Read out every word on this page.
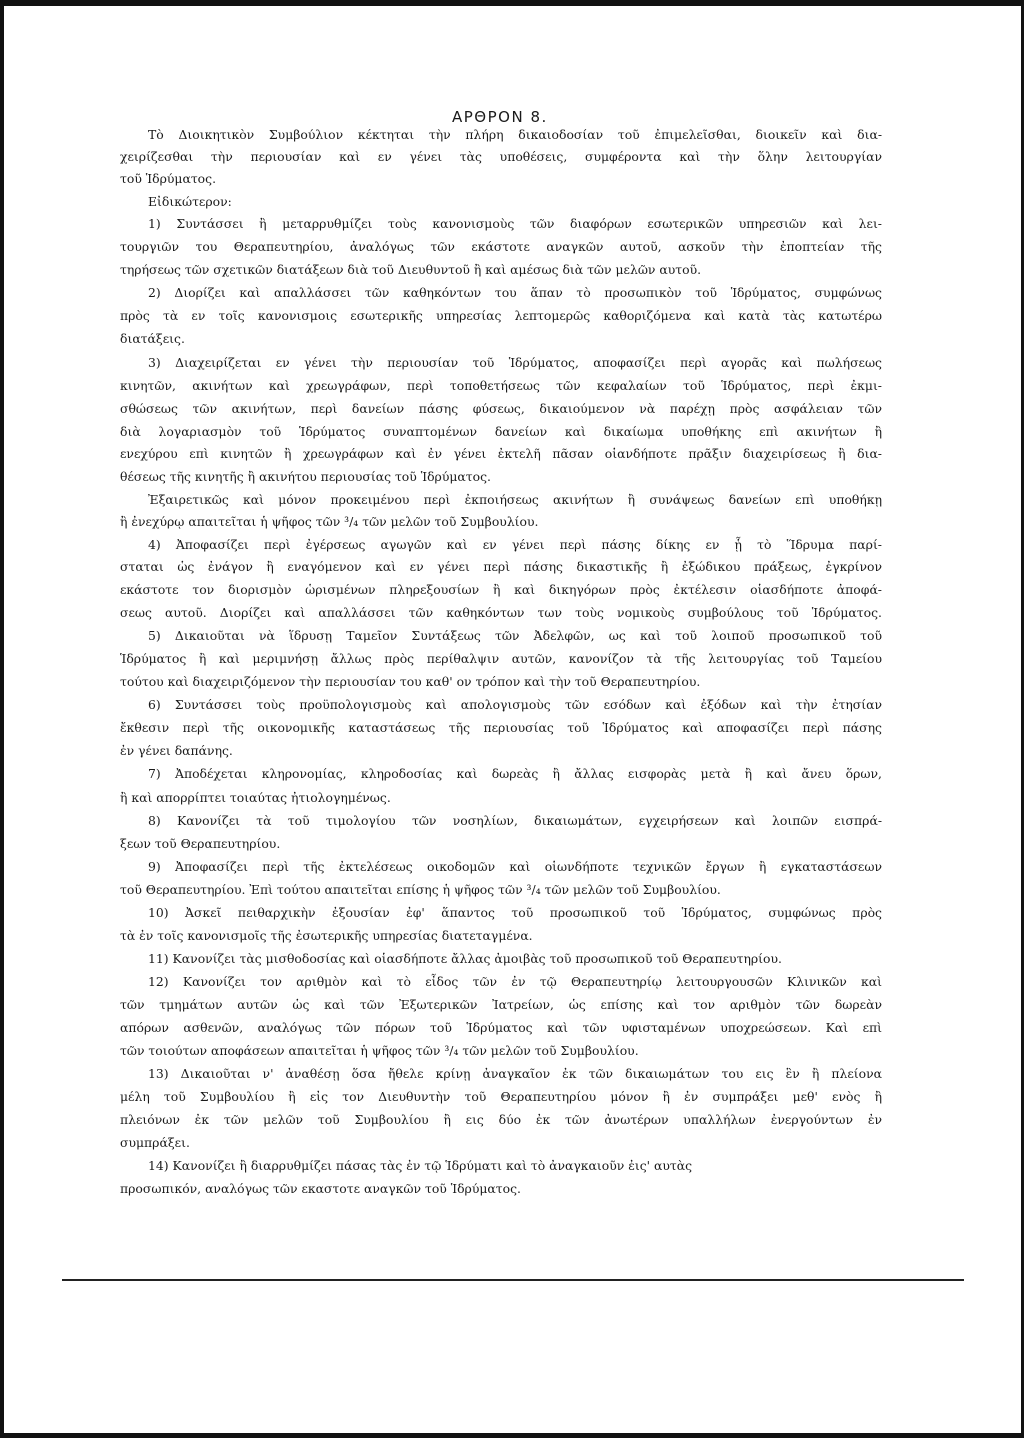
ΑΡΘΡΟΝ 8.
Τὸ Διοικητικὸν Συμβούλιον κέκτηται τὴν πλήρη δικαιοδοσίαν τοῦ ἐπιμελεῖσθαι, διοικεῖν καὶ δια-
χειρίζεσθαι τὴν περιουσίαν καὶ εν γένει τὰς υποθέσεις, συμφέροντα καὶ τὴν ὅλην λειτουργίαν
τοῦ Ἱδρύματος.
Εἰδικώτερον:
1) Συντάσσει ἢ μεταρρυθμίζει τοὺς κανονισμοὺς τῶν διαφόρων εσωτερικῶν υπηρεσιῶν καὶ λει-
τουργιῶν του Θεραπευτηρίου, ἀναλόγως τῶν εκάστοτε αναγκῶν αυτοῦ, ασκοῦν τὴν ἐποπτείαν τῆς
τηρήσεως τῶν σχετικῶν διατάξεων διὰ τοῦ Διευθυντοῦ ἢ καὶ αμέσως διὰ τῶν μελῶν αυτοῦ.
2) Διορίζει καὶ απαλλάσσει τῶν καθηκόντων του ἅπαν τὸ προσωπικὸν τοῦ Ἱδρύματος, συμφώνως
πρὸς τὰ εν τοῖς κανονισμοις εσωτερικῆς υπηρεσίας λεπτομερῶς καθοριζόμενα καὶ κατὰ τὰς κατωτέρω
διατάξεις.
3) Διαχειρίζεται εν γένει τὴν περιουσίαν τοῦ Ἱδρύματος, αποφασίζει περὶ αγορᾶς καὶ πωλήσεως
κινητῶν, ακινήτων καὶ χρεωγράφων, περὶ τοποθετήσεως τῶν κεφαλαίων τοῦ Ἱδρύματος, περὶ ἐκμι-
σθώσεως τῶν ακινήτων, περὶ δανείων πάσης φύσεως, δικαιούμενον νὰ παρέχῃ πρὸς ασφάλειαν τῶν
διὰ λογαριασμὸν τοῦ Ἱδρύματος συναπτομένων δανείων καὶ δικαίωμα υποθήκης επὶ ακινήτων ἢ
ενεχύρου επὶ κινητῶν ἢ χρεωγράφων καὶ ἐν γένει ἐκτελῆ πᾶσαν οἱανδήποτε πρᾶξιν διαχειρίσεως ἢ δια-
θέσεως τῆς κινητῆς ἢ ακινήτου περιουσίας τοῦ Ἱδρύματος.
Ἐξαιρετικῶς καὶ μόνον προκειμένου περὶ ἐκποιήσεως ακινήτων ἢ συνάψεως δανείων επὶ υποθήκῃ
ἢ ἐνεχύρῳ απαιτεῖται ἡ ψῆφος τῶν ³/₄ τῶν μελῶν τοῦ Συμβουλίου.
4) Ἀποφασίζει περὶ ἐγέρσεως αγωγῶν καὶ εν γένει περὶ πάσης δίκης εν ᾗ τὸ Ἵδρυμα παρί-
σταται ὡς ἐνάγον ἢ εναγόμενον καὶ εν γένει περὶ πάσης δικαστικῆς ἢ ἐξώδικου πράξεως, ἐγκρίνον
εκάστοτε τον διορισμὸν ὡρισμένων πληρεξουσίων ἢ καὶ δικηγόρων πρὸς ἐκτέλεσιν οἱασδήποτε ἀποφά-
σεως αυτοῦ. Διορίζει καὶ απαλλάσσει τῶν καθηκόντων των τοὺς νομικοὺς συμβούλους τοῦ Ἱδρύματος.
5) Δικαιοῦται νὰ ἵδρυσῃ Ταμεῖον Συντάξεως τῶν Ἀδελφῶν, ως καὶ τοῦ λοιποῦ προσωπικοῦ τοῦ
Ἱδρύματος ἢ καὶ μεριμνήσῃ ἄλλως πρὸς περίθαλψιν αυτῶν, κανονίζον τὰ τῆς λειτουργίας τοῦ Ταμείου
τούτου καὶ διαχειριζόμενον τὴν περιουσίαν του καθ' ον τρόπον καὶ τὴν τοῦ Θεραπευτηρίου.
6) Συντάσσει τοὺς προϋπολογισμοὺς καὶ απολογισμοὺς τῶν εσόδων καὶ ἐξόδων καὶ τὴν ἐτησίαν
ἔκθεσιν περὶ τῆς οικονομικῆς καταστάσεως τῆς περιουσίας τοῦ Ἱδρύματος καὶ αποφασίζει περὶ πάσης
ἐν γένει δαπάνης.
7) Ἀποδέχεται κληρονομίας, κληροδοσίας καὶ δωρεὰς ἢ ἄλλας εισφορὰς μετὰ ἢ καὶ ἄνευ ὅρων,
ἢ καὶ απορρίπτει τοιαύτας ἠτιολογημένως.
8) Κανονίζει τὰ τοῦ τιμολογίου τῶν νοσηλίων, δικαιωμάτων, εγχειρήσεων καὶ λοιπῶν εισπρά-
ξεων τοῦ Θεραπευτηρίου.
9) Ἀποφασίζει περὶ τῆς ἐκτελέσεως οικοδομῶν καὶ οἱωνδήποτε τεχνικῶν ἔργων ἢ εγκαταστάσεων
τοῦ Θεραπευτηρίου. Ἐπὶ τούτου απαιτεῖται επίσης ἡ ψῆφος τῶν ³/₄ τῶν μελῶν τοῦ Συμβουλίου.
10) Ἀσκεῖ πειθαρχικὴν ἐξουσίαν ἐφ' ἅπαντος τοῦ προσωπικοῦ τοῦ Ἱδρύματος, συμφώνως πρὸς
τὰ ἐν τοῖς κανονισμοῖς τῆς ἐσωτερικῆς υπηρεσίας διατεταγμένα.
11) Κανονίζει τὰς μισθοδοσίας καὶ οἱασδήποτε ἄλλας ἀμοιβὰς τοῦ προσωπικοῦ τοῦ Θεραπευτηρίου.
12) Κανονίζει τον αριθμὸν καὶ τὸ εἶδος τῶν ἐν τῷ Θεραπευτηρίῳ λειτουργουσῶν Κλινικῶν καὶ
τῶν τμημάτων αυτῶν ὡς καὶ τῶν Ἐξωτερικῶν Ἰατρείων, ὡς επίσης καὶ τον αριθμὸν τῶν δωρεὰν
απόρων ασθενῶν, αναλόγως τῶν πόρων τοῦ Ἱδρύματος καὶ τῶν υφισταμένων υποχρεώσεων. Καὶ επὶ
τῶν τοιούτων αποφάσεων απαιτεῖται ἡ ψῆφος τῶν ³/₄ τῶν μελῶν τοῦ Συμβουλίου.
13) Δικαιοῦται ν' ἀναθέσῃ ὅσα ἤθελε κρίνῃ ἀναγκαῖον ἐκ τῶν δικαιωμάτων του εις ἓν ἢ πλείονα
μέλη τοῦ Συμβουλίου ἢ εἰς τον Διευθυντὴν τοῦ Θεραπευτηρίου μόνον ἢ ἐν συμπράξει μεθ' ενὸς ἢ
πλειόνων ἐκ τῶν μελῶν τοῦ Συμβουλίου ἢ εις δύο ἐκ τῶν ἀνωτέρων υπαλλήλων ἐνεργούντων ἐν
συμπράξει.
14) Κανονίζει ἢ διαρρυθμίζει πάσας τὰς ἐν τῷ Ἱδρύματι καὶ τὸ ἀναγκαιοῦν ἐις' αυτὰς
προσωπικόν, αναλόγως τῶν εκαστοτε αναγκῶν τοῦ Ἱδρύματος.
